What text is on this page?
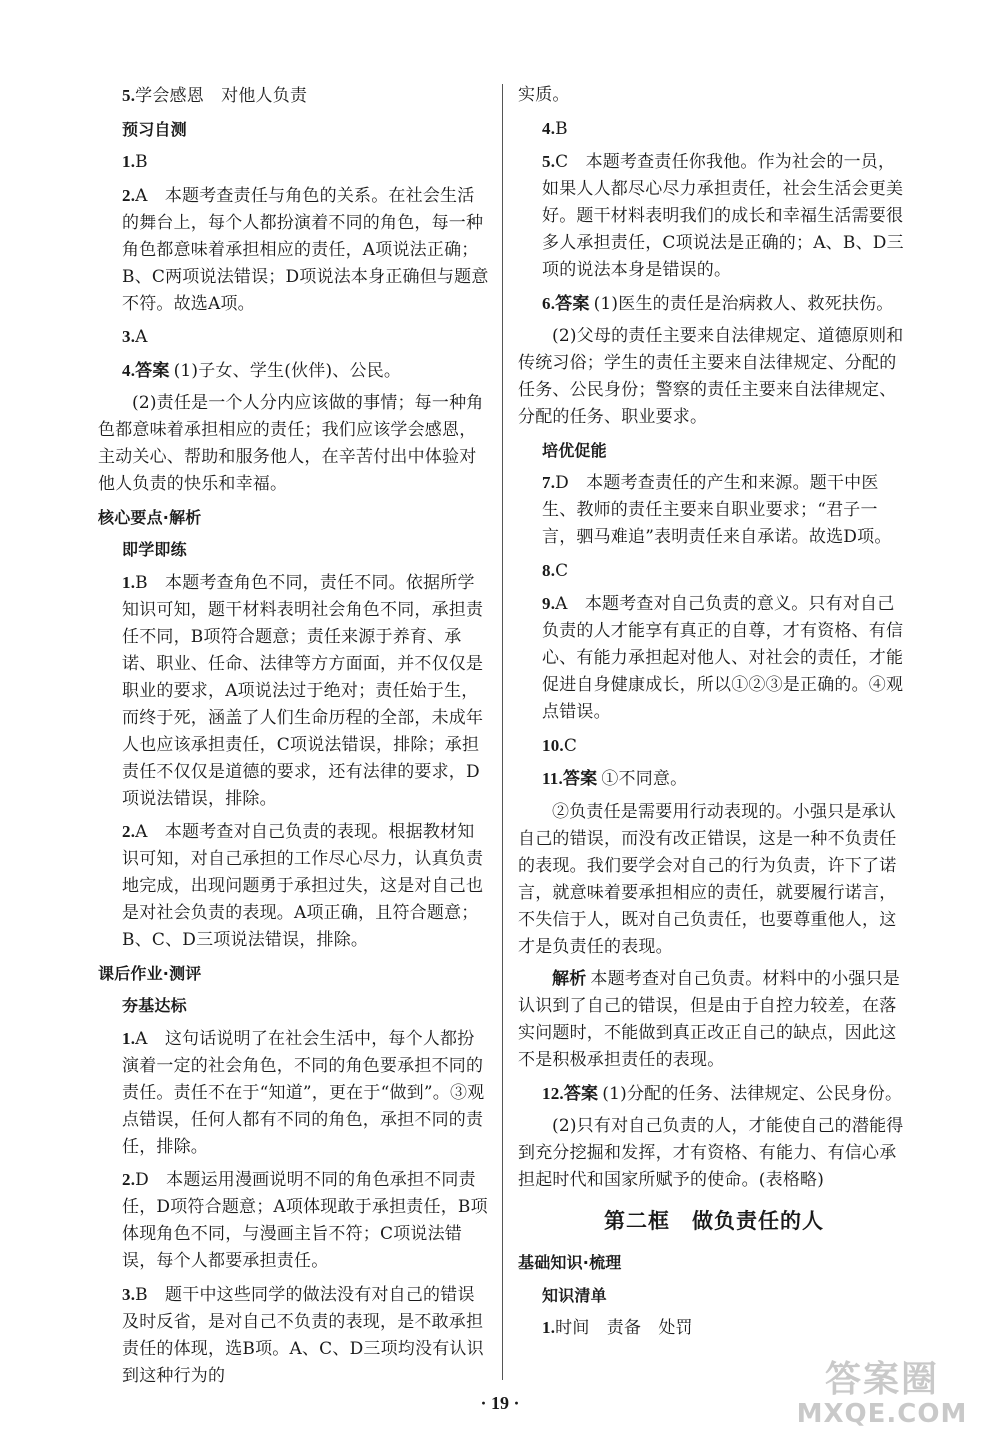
5.学会感恩　对他人负责

预习自测

1.B

2.A　本题考查责任与角色的关系。在社会生活的舞台上，每个人都扮演着不同的角色，每一种角色都意味着承担相应的责任，A项说法正确；B、C两项说法错误；D项说法本身正确但与题意不符。故选A项。

3.A

4.答案 (1)子女、学生(伙伴)、公民。

(2)责任是一个人分内应该做的事情；每一种角色都意味着承担相应的责任；我们应该学会感恩，主动关心、帮助和服务他人，在辛苦付出中体验对他人负责的快乐和幸福。

核心要点·解析

即学即练

1.B　本题考查角色不同，责任不同。依据所学知识可知，题干材料表明社会角色不同，承担责任不同，B项符合题意；责任来源于养育、承诺、职业、任命、法律等方方面面，并不仅仅是职业的要求，A项说法过于绝对；责任始于生，而终于死，涵盖了人们生命历程的全部，未成年人也应该承担责任，C项说法错误，排除；承担责任不仅仅是道德的要求，还有法律的要求，D项说法错误，排除。

2.A　本题考查对自己负责的表现。根据教材知识可知，对自己承担的工作尽心尽力，认真负责地完成，出现问题勇于承担过失，这是对自己也是对社会负责的表现。A项正确，且符合题意；B、C、D三项说法错误，排除。

课后作业·测评

夯基达标

1.A　这句话说明了在社会生活中，每个人都扮演着一定的社会角色，不同的角色要承担不同的责任。责任不在于“知道”，更在于“做到”。③观点错误，任何人都有不同的角色，承担不同的责任，排除。

2.D　本题运用漫画说明不同的角色承担不同责任，D项符合题意；A项体现敢于承担责任，B项体现角色不同，与漫画主旨不符；C项说法错误，每个人都要承担责任。

3.B　题干中这些同学的做法没有对自己的错误及时反省，是对自己不负责的表现，是不敢承担责任的体现，选B项。A、C、D三项均没有认识到这种行为的

实质。

4.B

5.C　本题考查责任你我他。作为社会的一员，如果人人都尽心尽力承担责任，社会生活会更美好。题干材料表明我们的成长和幸福生活需要很多人承担责任，C项说法是正确的；A、B、D三项的说法本身是错误的。

6.答案 (1)医生的责任是治病救人、救死扶伤。

(2)父母的责任主要来自法律规定、道德原则和传统习俗；学生的责任主要来自法律规定、分配的任务、公民身份；警察的责任主要来自法律规定、分配的任务、职业要求。

培优促能

7.D　本题考查责任的产生和来源。题干中医生、教师的责任主要来自职业要求；“君子一言，驷马难追”表明责任来自承诺。故选D项。

8.C

9.A　本题考查对自己负责的意义。只有对自己负责的人才能享有真正的自尊，才有资格、有信心、有能力承担起对他人、对社会的责任，才能促进自身健康成长，所以①②③是正确的。④观点错误。

10.C

11.答案 ①不同意。

②负责任是需要用行动表现的。小强只是承认自己的错误，而没有改正错误，这是一种不负责任的表现。我们要学会对自己的行为负责，许下了诺言，就意味着要承担相应的责任，就要履行诺言，不失信于人，既对自己负责任，也要尊重他人，这才是负责任的表现。

解析 本题考查对自己负责。材料中的小强只是认识到了自己的错误，但是由于自控力较差，在落实问题时，不能做到真正改正自己的缺点，因此这不是积极承担责任的表现。

12.答案 (1)分配的任务、法律规定、公民身份。

(2)只有对自己负责的人，才能使自己的潜能得到充分挖掘和发挥，才有资格、有能力、有信心承担起时代和国家所赋予的使命。(表格略)

第二框　做负责任的人

基础知识·梳理

知识清单

1.时间　责备　处罚

· 19 ·
答案圈
MXQE.COM
